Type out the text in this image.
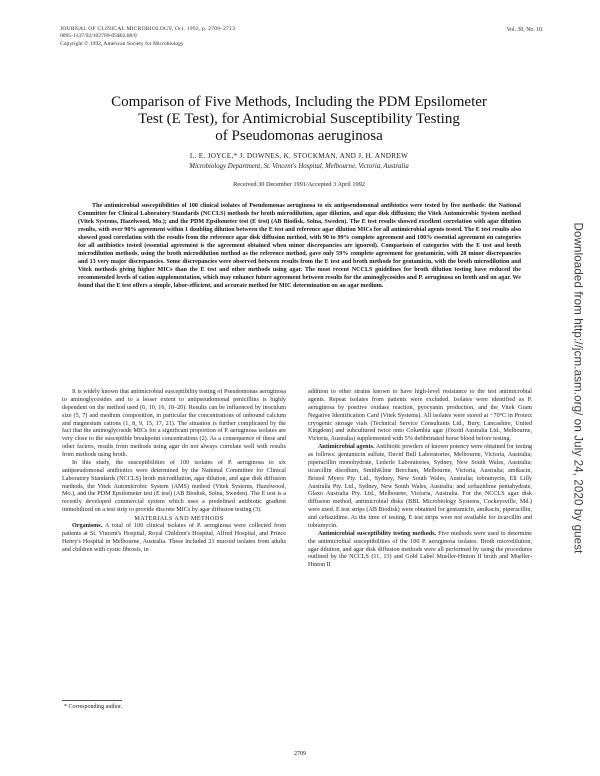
JOURNAL OF CLINICAL MICROBIOLOGY, Oct. 1992, p. 2709–2713
0095-1137/92/102709-05$02.00/0
Copyright © 1992, American Society for Microbiology
Vol. 30, No. 10
Comparison of Five Methods, Including the PDM Epsilometer
Test (E Test), for Antimicrobial Susceptibility Testing
of Pseudomonas aeruginosa
L. E. JOYCE,* J. DOWNES, K. STOCKMAN, AND J. H. ANDREW
Microbiology Department, St. Vincent's Hospital, Melbourne, Victoria, Australia
Received 30 December 1991/Accepted 3 April 1992
The antimicrobial susceptibilities of 100 clinical isolates of Pseudomonas aeruginosa to six antipseudomonal antibiotics were tested by five methods: the National Committee for Clinical Laboratory Standards (NCCLS) methods for broth microdilution, agar dilution, and agar disk diffusion; the Vitek Automicrobic System method (Vitek Systems, Hazelwood, Mo.); and the PDM Epsilometer test (E test) (AB Biodisk, Solna, Sweden). The E test results showed excellent correlation with agar dilution results, with over 90% agreement within 1 doubling dilution between the E test and reference agar dilution MICs for all antimicrobial agents tested. The E test results also showed good correlation with the results from the reference agar disk diffusion method, with 90 to 99% complete agreement and 100% essential agreement on categories for all antibiotics tested (essential agreement is the agreement obtained when minor discrepancies are ignored). Comparison of categories with the E test and broth microdilution methods, using the broth microdilution method as the reference method, gave only 59% complete agreement for gentamicin, with 28 minor discrepancies and 13 very major discrepancies. Some discrepancies were observed between results from the E test and broth methods for gentamicin, with the broth microdilution and Vitek methods giving higher MICs than the E test and other methods using agar. The most recent NCCLS guidelines for broth dilution testing have reduced the recommended levels of cation supplementation, which may enhance future agreement between results for the aminoglycosides and P. aeruginosa on broth and on agar. We found that the E test offers a simple, labor-efficient, and accurate method for MIC determination on an agar medium.

It is widely known that antimicrobial susceptibility testing of Pseudomonas aeruginosa to aminoglycosides and to a lesser extent to antipseudomonal penicillins is highly dependent on the method used (6, 10, 16, 18–20). Results can be influenced by inoculum size (5, 7) and medium composition, in particular the concentrations of unbound calcium and magnesium cations (1, 8, 9, 15, 17, 21). The situation is further complicated by the fact that the aminoglycoside MICs for a significant proportion of P. aeruginosa isolates are very close to the susceptible breakpoint concentrations (2). As a consequence of these and other factors, results from methods using agar do not always correlate well with results from methods using broth.

In this study, the susceptibilities of 100 isolates of P. aeruginosa to six antipseudomonal antibiotics were determined by the National Committee for Clinical Laboratory Standards (NCCLS) broth microdilution, agar dilution, and agar disk diffusion methods, the Vitek Automicrobic System (AMS) method (Vitek Systems, Hazelwood, Mo.), and the PDM Epsilometer test (E test) (AB Biodisk, Solna, Sweden). The E test is a recently developed commercial system which uses a predefined antibiotic gradient immobilized on a test strip to provide discrete MICs by agar diffusion testing (3).

MATERIALS AND METHODS

Organisms. A total of 100 clinical isolates of P. aeruginosa were collected from patients at St. Vincent's Hospital, Royal Children's Hospital, Alfred Hospital, and Prince Henry's Hospital in Melbourne, Australia. These included 21 mucoid isolates from adults and children with cystic fibrosis, in

addition to other strains known to have high-level resistance to the test antimicrobial agents. Repeat isolates from patients were excluded. Isolates were identified as P. aeruginosa by positive oxidase reaction, pyocyanin production, and the Vitek Gram Negative Identification Card (Vitek Systems). All isolates were stored at −70°C in Protect cryogenic storage vials (Technical Service Consultants Ltd., Bury, Lancashire, United Kingdom) and subcultured twice onto Columbia agar (Oxoid Australia Ltd., Melbourne, Victoria, Australia) supplemented with 5% defibrinated horse blood before testing.

Antimicrobial agents. Antibiotic powders of known potency were obtained for testing as follows: gentamicin sulfate, David Bull Laboratories, Melbourne, Victoria, Australia; piperacillin monohydrate, Lederle Laboratories, Sydney, New South Wales, Australia; ticarcillin disodium, SmithKline Beecham, Melbourne, Victoria, Australia; amikacin, Bristol Myers Pty. Ltd., Sydney, New South Wales, Australia; tobramycin, Eli Lilly Australia Pty. Ltd., Sydney, New South Wales, Australia; and ceftazidime pentahydrate, Glaxo Australia Pty. Ltd., Melbourne, Victoria, Australia. For the NCCLS agar disk diffusion method, antimicrobial disks (BBL Microbiology Systems, Cockeysville, Md.) were used. E test strips (AB Biodisk) were obtained for gentamicin, amikacin, piperacillin, and ceftazidime. At the time of testing, E test strips were not available for ticarcillin and tobramycin.

Antimicrobial susceptibility testing methods. Five methods were used to determine the antimicrobial susceptibilities of the 100 P. aeruginosa isolates. Broth microdilution, agar dilution, and agar disk diffusion methods were all performed by using the procedures outlined by the NCCLS (11, 13) and Gold Label Mueller-Hinton II broth and Mueller-Hinton II

* Corresponding author.
2709
Downloaded from http://jcm.asm.org/ on July 24, 2020 by guest
